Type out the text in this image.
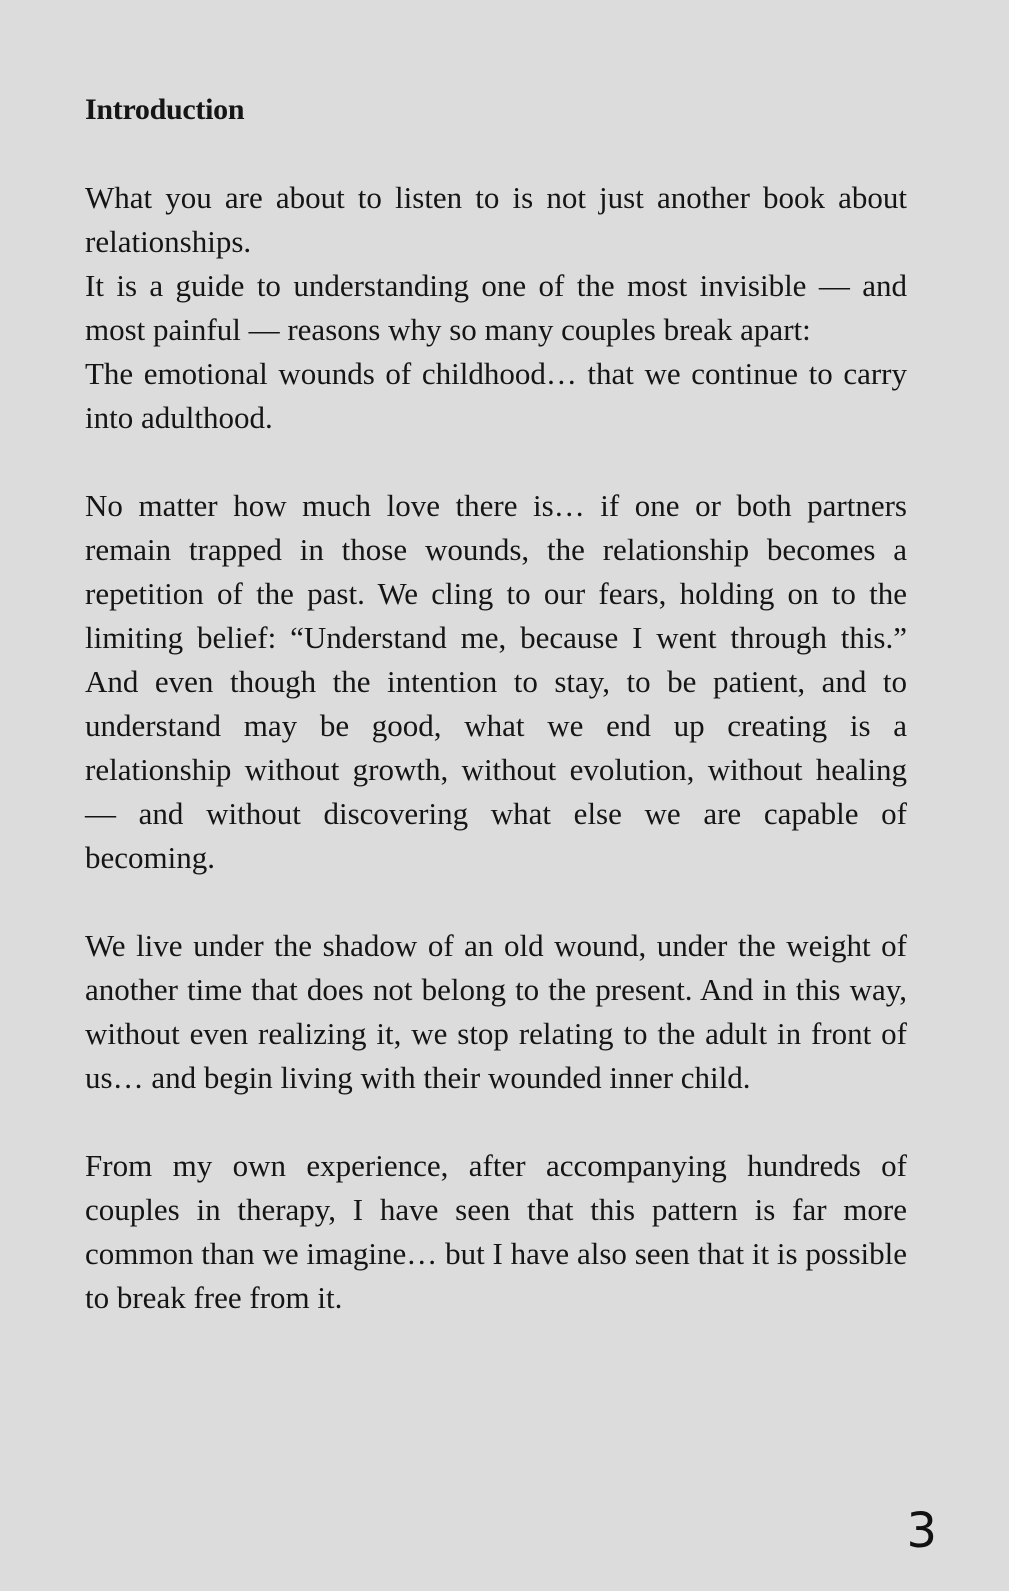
Introduction
What you are about to listen to is not just another book about relationships.
It is a guide to understanding one of the most invisible — and most painful — reasons why so many couples break apart:
The emotional wounds of childhood… that we continue to carry into adulthood.
No matter how much love there is… if one or both partners remain trapped in those wounds, the relationship becomes a repetition of the past. We cling to our fears, holding on to the limiting belief: “Understand me, because I went through this.” And even though the intention to stay, to be patient, and to understand may be good, what we end up creating is a relationship without growth, without evolution, without healing — and without discovering what else we are capable of becoming.
We live under the shadow of an old wound, under the weight of another time that does not belong to the present. And in this way, without even realizing it, we stop relating to the adult in front of us… and begin living with their wounded inner child.
From my own experience, after accompanying hundreds of couples in therapy, I have seen that this pattern is far more common than we imagine… but I have also seen that it is possible to break free from it.
3
